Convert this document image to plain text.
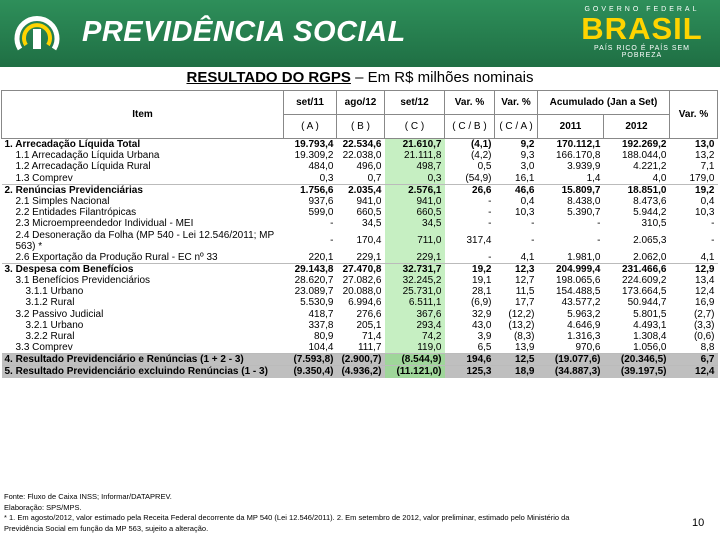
PREVIDÊNCIA SOCIAL
GOVERNO FEDERAL
BRASIL
PAÍS RICO É PAÍS SEM POBREZA
RESULTADO DO RGPS – Em R$ milhões nominais
Item	set/11	ago/12	set/12	Var. %	Var. %	Acumulado (Jan a Set)		Var. %
	( A )	( B )	( C )	( C / B )	( C / A )	2011	2012	
1. Arrecadação Líquida Total	19.793,4	22.534,6	21.610,7	(4,1)	9,2	170.112,1	192.269,2	13,0
1.1 Arrecadação Líquida Urbana	19.309,2	22.038,0	21.111,8	(4,2)	9,3	166.170,8	188.044,0	13,2
1.2 Arrecadação Líquida Rural	484,0	496,0	498,7	0,5	3,0	3.939,9	4.221,2	7,1
1.3 Comprev	0,3	0,7	0,3	(54,9)	16,1	1,4	4,0	179,0
2. Renúncias Previdenciárias	1.756,6	2.035,4	2.576,1	26,6	46,6	15.809,7	18.851,0	19,2
2.1 Simples Nacional	937,6	941,0	941,0	-	0,4	8.438,0	8.473,6	0,4
2.2 Entidades Filantrópicas	599,0	660,5	660,5	-	10,3	5.390,7	5.944,2	10,3
2.3 Microempreendedor Individual - MEI	-	34,5	34,5	-	-	-	310,5	-
2.4 Desoneração da Folha (MP 540 - Lei 12.546/2011; MP 563) *	-	170,4	711,0	317,4	-	-	2.065,3	-
2.6 Exportação da Produção Rural - EC nº 33	220,1	229,1	229,1	-	4,1	1.981,0	2.062,0	4,1
3. Despesa com Benefícios	29.143,8	27.470,8	32.731,7	19,2	12,3	204.999,4	231.466,6	12,9
3.1 Benefícios Previdenciários	28.620,7	27.082,6	32.245,2	19,1	12,7	198.065,6	224.609,2	13,4
3.1.1 Urbano	23.089,7	20.088,0	25.731,0	28,1	11,5	154.488,5	173.664,5	12,4
3.1.2 Rural	5.530,9	6.994,6	6.511,1	(6,9)	17,7	43.577,2	50.944,7	16,9
3.2 Passivo Judicial	418,7	276,6	367,6	32,9	(12,2)	5.963,2	5.801,5	(2,7)
3.2.1 Urbano	337,8	205,1	293,4	43,0	(13,2)	4.646,9	4.493,1	(3,3)
3.2.2 Rural	80,9	71,4	74,2	3,9	(8,3)	1.316,3	1.308,4	(0,6)
3.3 Comprev	104,4	111,7	119,0	6,5	13,9	970,6	1.056,0	8,8
4. Resultado Previdenciário e Renúncias (1 + 2 - 3)	(7.593,8)	(2.900,7)	(8.544,9)	194,6	12,5	(19.077,6)	(20.346,5)	6,7
5. Resultado Previdenciário excluindo Renúncias (1 - 3)	(9.350,4)	(4.936,2)	(11.121,0)	125,3	18,9	(34.887,3)	(39.197,5)	12,4
Fonte: Fluxo de Caixa INSS; Informar/DATAPREV.
Elaboração: SPS/MPS.
* 1. Em agosto/2012, valor estimado pela Receita Federal decorrente da MP 540 (Lei 12.546/2011). 2. Em setembro de 2012, valor preliminar, estimado pelo Ministério da
Previdência Social em função da MP 563, sujeito a alteração.	10
